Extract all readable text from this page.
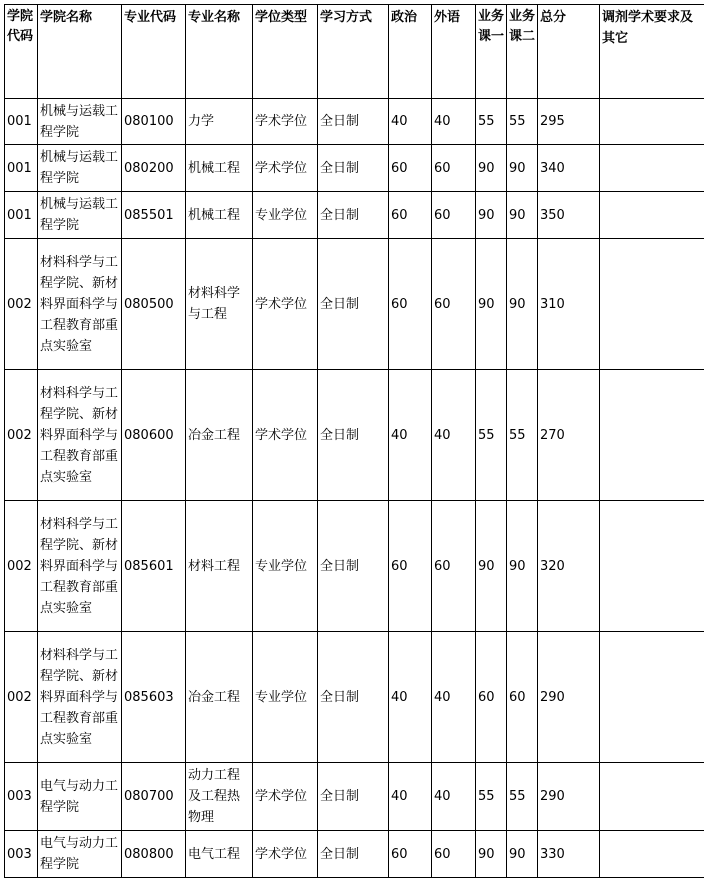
学院代码	学院名称	专业代码	专业名称	学位类型	学习方式	政治	外语	业务课一	业务课二	总分	调剂学术要求及其它
001	机械与运载工程学院	080100	力学	学术学位	全日制	40	40	55	55	295	
001	机械与运载工程学院	080200	机械工程	学术学位	全日制	60	60	90	90	340	
001	机械与运载工程学院	085501	机械工程	专业学位	全日制	60	60	90	90	350	
002	材料科学与工程学院、新材料界面科学与工程教育部重点实验室	080500	材料科学与工程	学术学位	全日制	60	60	90	90	310	
002	材料科学与工程学院、新材料界面科学与工程教育部重点实验室	080600	冶金工程	学术学位	全日制	40	40	55	55	270	
002	材料科学与工程学院、新材料界面科学与工程教育部重点实验室	085601	材料工程	专业学位	全日制	60	60	90	90	320	
002	材料科学与工程学院、新材料界面科学与工程教育部重点实验室	085603	冶金工程	专业学位	全日制	40	40	60	60	290	
003	电气与动力工程学院	080700	动力工程及工程热物理	学术学位	全日制	40	40	55	55	290	
003	电气与动力工程学院	080800	电气工程	学术学位	全日制	60	60	90	90	330	
